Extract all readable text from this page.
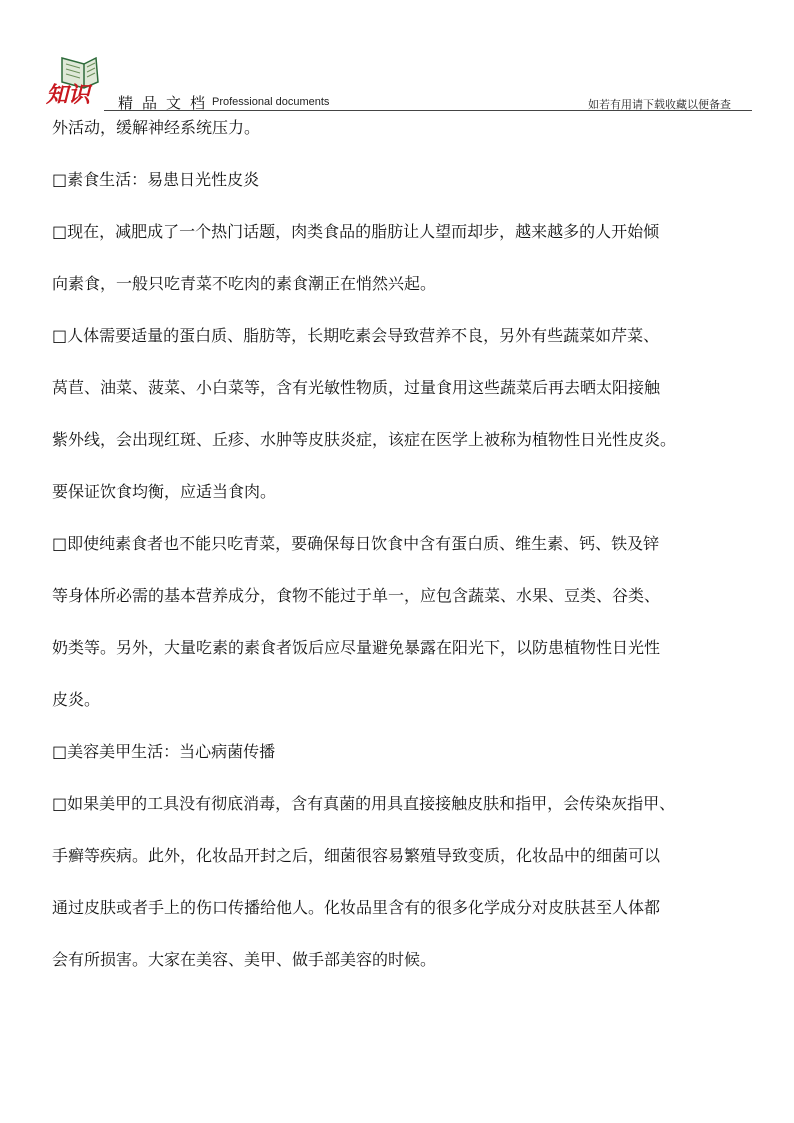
知识 精品文档
Professional documents	如若有用请下载收藏以便备查
外活动，缓解神经系统压力。
□素食生活：易患日光性皮炎
□现在，减肥成了一个热门话题，肉类食品的脂肪让人望而却步，越来越多的人开始倾
向素食，一般只吃青菜不吃肉的素食潮正在悄然兴起。
□人体需要适量的蛋白质、脂肪等，长期吃素会导致营养不良，另外有些蔬菜如芹菜、
莴苣、油菜、菠菜、小白菜等，含有光敏性物质，过量食用这些蔬菜后再去晒太阳接触
紫外线，会出现红斑、丘疹、水肿等皮肤炎症，该症在医学上被称为植物性日光性皮炎。
要保证饮食均衡，应适当食肉。
□即使纯素食者也不能只吃青菜，要确保每日饮食中含有蛋白质、维生素、钙、铁及锌
等身体所必需的基本营养成分，食物不能过于单一，应包含蔬菜、水果、豆类、谷类、
奶类等。另外，大量吃素的素食者饭后应尽量避免暴露在阳光下，以防患植物性日光性
皮炎。
□美容美甲生活：当心病菌传播
□如果美甲的工具没有彻底消毒，含有真菌的用具直接接触皮肤和指甲，会传染灰指甲、
手癣等疾病。此外，化妆品开封之后，细菌很容易繁殖导致变质，化妆品中的细菌可以
通过皮肤或者手上的伤口传播给他人。化妆品里含有的很多化学成分对皮肤甚至人体都
会有所损害。大家在美容、美甲、做手部美容的时候。
